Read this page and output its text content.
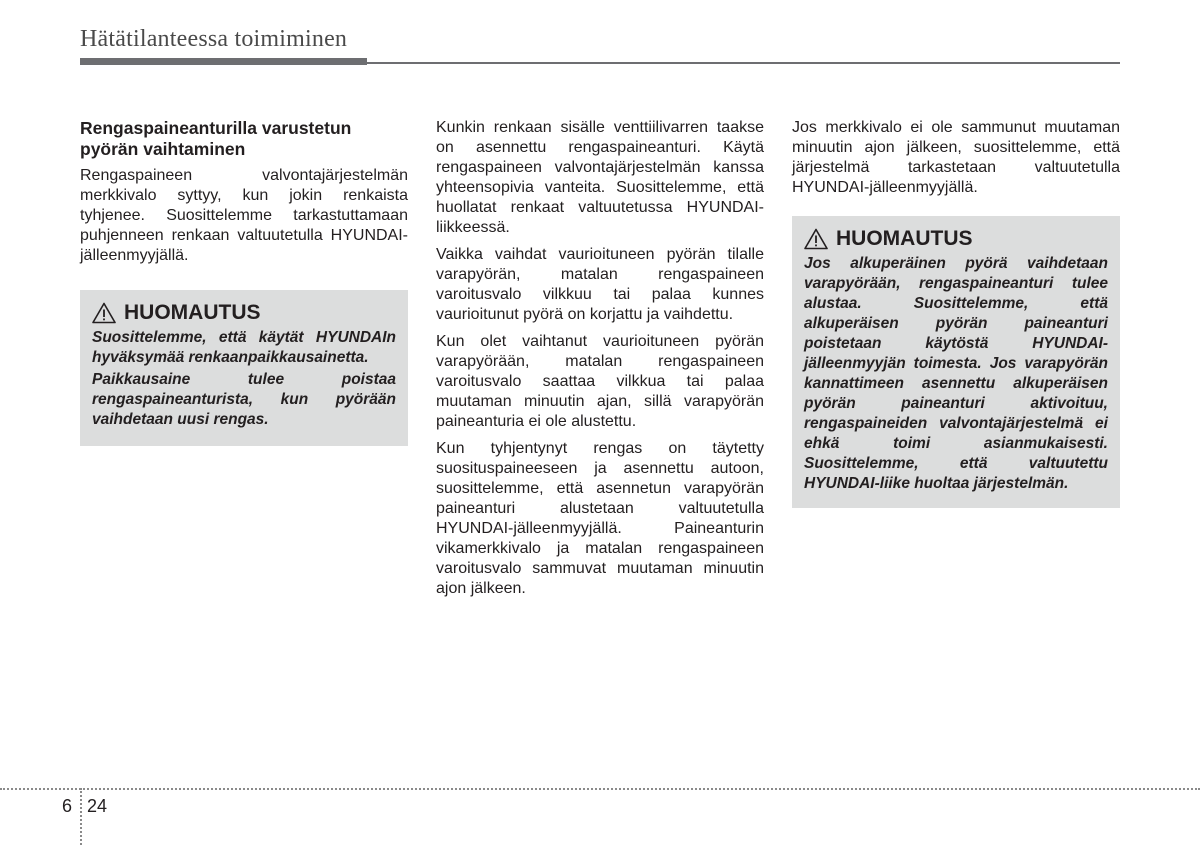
Hätätilanteessa toimiminen
Rengaspaineanturilla varustetun pyörän vaihtaminen

Rengaspaineen valvontajärjestelmän merkkivalo syttyy, kun jokin renkaista tyhjenee. Suosittelemme tarkastuttamaan puhjenneen renkaan valtuutetulla HYUNDAI-jälleenmyyjällä.

HUOMAUTUS

Suosittelemme, että käytät HYUNDAIn hyväksymää renkaanpaikkausainetta.

Paikkausaine tulee poistaa rengaspaineanturista, kun pyörään vaihdetaan uusi rengas.

Kunkin renkaan sisälle venttiilivarren taakse on asennettu rengaspaineanturi. Käytä rengaspaineen valvontajärjestelmän kanssa yhteensopivia vanteita. Suosittelemme, että huollatat renkaat valtuutetussa HYUNDAI-liikkeessä.

Vaikka vaihdat vaurioituneen pyörän tilalle varapyörän, matalan rengaspaineen varoitusvalo vilkkuu tai palaa kunnes vaurioitunut pyörä on korjattu ja vaihdettu.

Kun olet vaihtanut vaurioituneen pyörän varapyörään, matalan rengaspaineen varoitusvalo saattaa vilkkua tai palaa muutaman minuutin ajan, sillä varapyörän paineanturia ei ole alustettu.

Kun tyhjentynyt rengas on täytetty suosituspaineeseen ja asennettu autoon, suosittelemme, että asennetun varapyörän paineanturi alustetaan valtuutetulla HYUNDAI-jälleenmyyjällä. Paineanturin vikamerkkivalo ja matalan rengaspaineen varoitusvalo sammuvat muutaman minuutin ajon jälkeen.

Jos merkkivalo ei ole sammunut muutaman minuutin ajon jälkeen, suosittelemme, että järjestelmä tarkastetaan valtuutetulla HYUNDAI-jälleenmyyjällä.

HUOMAUTUS

Jos alkuperäinen pyörä vaihdetaan varapyörään, rengaspaineanturi tulee alustaa. Suosittelemme, että alkuperäisen pyörän paineanturi poistetaan käytöstä HYUNDAI-jälleenmyyjän toimesta. Jos varapyörän kannattimeen asennettu alkuperäisen pyörän paineanturi aktivoituu, rengaspaineiden valvontajärjestelmä ei ehkä toimi asianmukaisesti. Suosittelemme, että valtuutettu HYUNDAI-liike huoltaa järjestelmän.

6 24
